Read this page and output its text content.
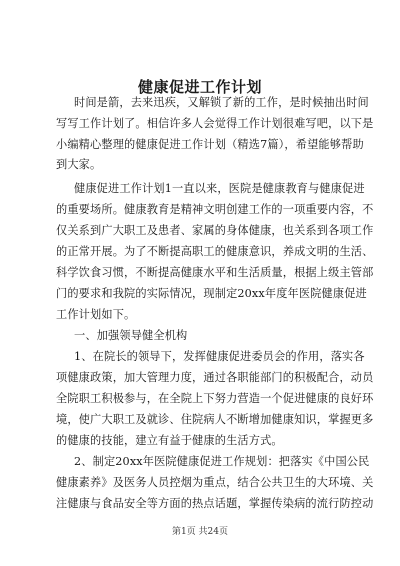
健康促进工作计划
时间是箭，去来迅疾，又解锁了新的工作，是时候抽出时间
写写工作计划了。相信许多人会觉得工作计划很难写吧，以下是
小编精心整理的健康促进工作计划（精选7篇），希望能够帮助
到大家。
健康促进工作计划1一直以来，医院是健康教育与健康促进
的重要场所。健康教育是精神文明创建工作的一项重要内容，不
仅关系到广大职工及患者、家属的身体健康，也关系到各项工作
的正常开展。为了不断提高职工的健康意识，养成文明的生活、
科学饮食习惯，不断提高健康水平和生活质量，根据上级主管部
门的要求和我院的实际情况，现制定20xx年度年医院健康促进
工作计划如下。
一、加强领导健全机构
1、在院长的领导下，发挥健康促进委员会的作用，落实各
项健康政策，加大管理力度，通过各职能部门的积极配合，动员
全院职工积极参与，在全院上下努力营造一个促进健康的良好环
境，使广大职工及就诊、住院病人不断增加健康知识，掌握更多
的健康的技能，建立有益于健康的生活方式。
2、制定20xx年医院健康促进工作规划：把落实《中国公民
健康素养》及医务人员控烟为重点，结合公共卫生的大环境、关
注健康与食品安全等方面的热点话题，掌握传染病的流行防控动
第1页 共24页
